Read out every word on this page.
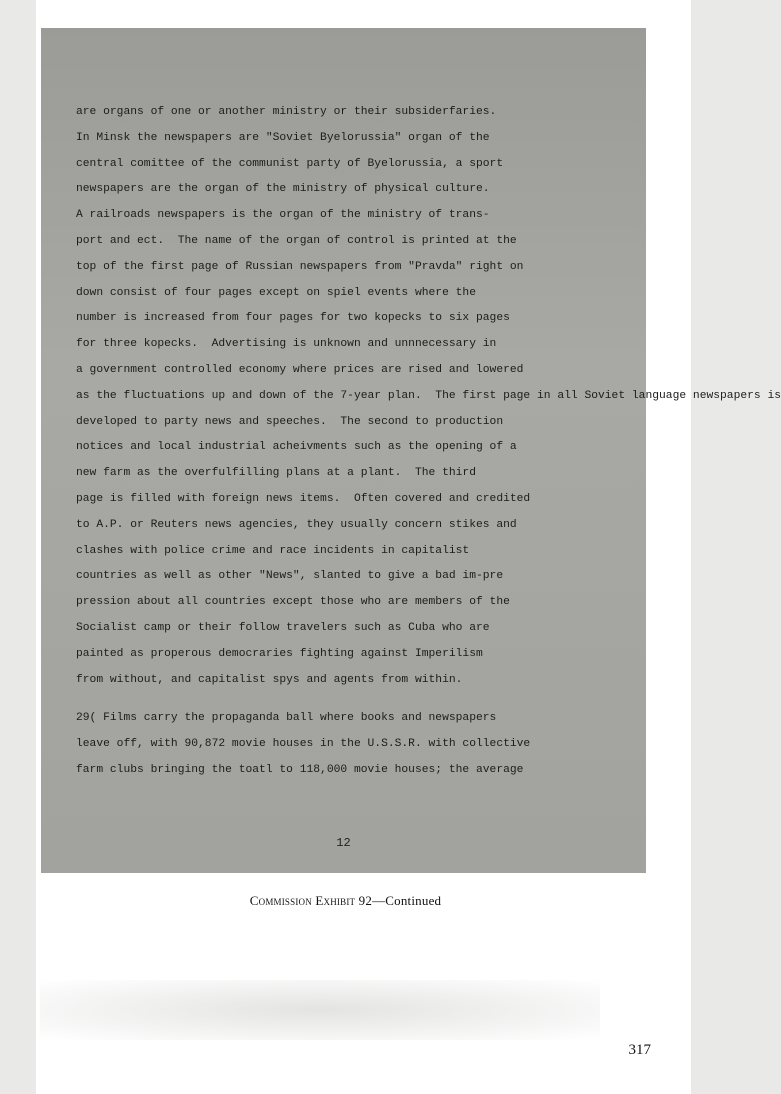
are organs of one or another ministry or their subsiderfaries.
In Minsk the newspapers are "Soviet Byelorussia" organ of the
central comittee of the communist party of Byelorussia, a sport
newspapers are the organ of the ministry of physical culture.
A railroads newspapers is the organ of the ministry of trans-
port and ect.  The name of the organ of control is printed at the
top of the first page of Russian newspapers from "Pravda" right on
down consist of four pages except on spiel events where the
number is increased from four pages for two kopecks to six pages
for three kopecks.  Advertising is unknown and unnnecessary in
a government controlled economy where prices are rised and lowered
as the fluctuations up and down of the 7-year plan.  The first page in all Soviet language newspapers is
developed to party news and speeches.  The second to production
notices and local industrial acheivments such as the opening of a
new farm as the overfulfilling plans at a plant.  The third
page is filled with foreign news items.  Often covered and credited
to A.P. or Reuters news agencies, they usually concern stikes and
clashes with police crime and race incidents in capitalist
countries as well as other "News", slanted to give a bad im-pre
pression about all countries except those who are members of the
Socialist camp or their follow travelers such as Cuba who are
painted as properous democraries fighting against Imperilism
from without, and capitalist spys and agents from within.
29( Films carry the propaganda ball where books and newspapers
leave off, with 90,872 movie houses in the U.S.S.R. with collective
farm clubs bringing the toatl to 118,000 movie houses; the average
12
Commission Exhibit 92—Continued
317
